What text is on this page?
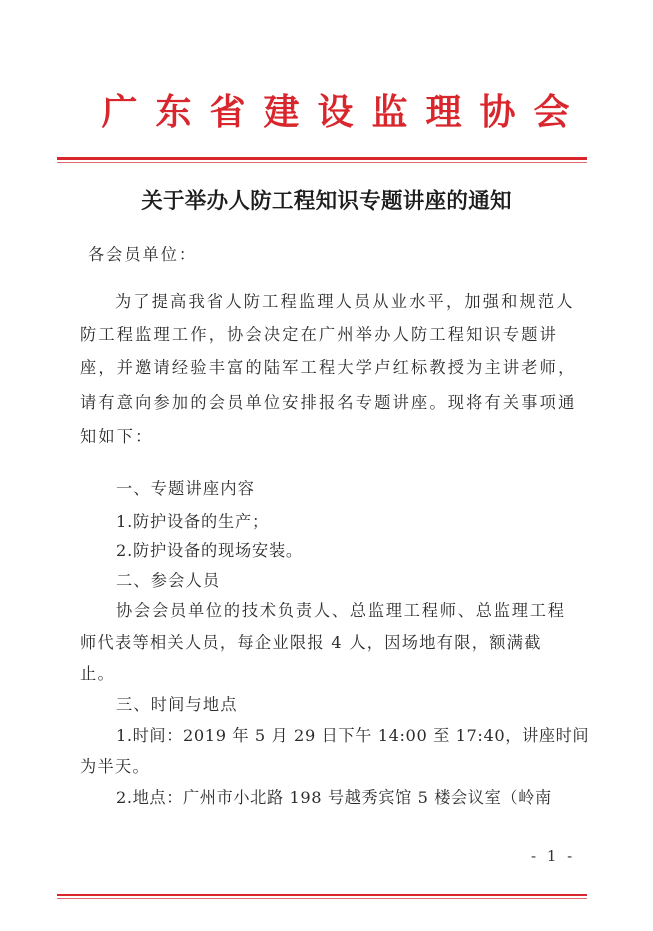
广东省建设监理协会
关于举办人防工程知识专题讲座的通知
各会员单位：
为了提高我省人防工程监理人员从业水平，加强和规范人
防工程监理工作，协会决定在广州举办人防工程知识专题讲
座，并邀请经验丰富的陆军工程大学卢红标教授为主讲老师，
请有意向参加的会员单位安排报名专题讲座。现将有关事项通
知如下：
一、专题讲座内容
1.防护设备的生产；
2.防护设备的现场安装。
二、参会人员
协会会员单位的技术负责人、总监理工程师、总监理工程
师代表等相关人员，每企业限报 4 人，因场地有限，额满截
止。
三、时间与地点
1.时间：2019 年 5 月 29 日下午 14:00 至 17:40，讲座时间
为半天。
2.地点：广州市小北路 198 号越秀宾馆 5 楼会议室（岭南
- 1 -
